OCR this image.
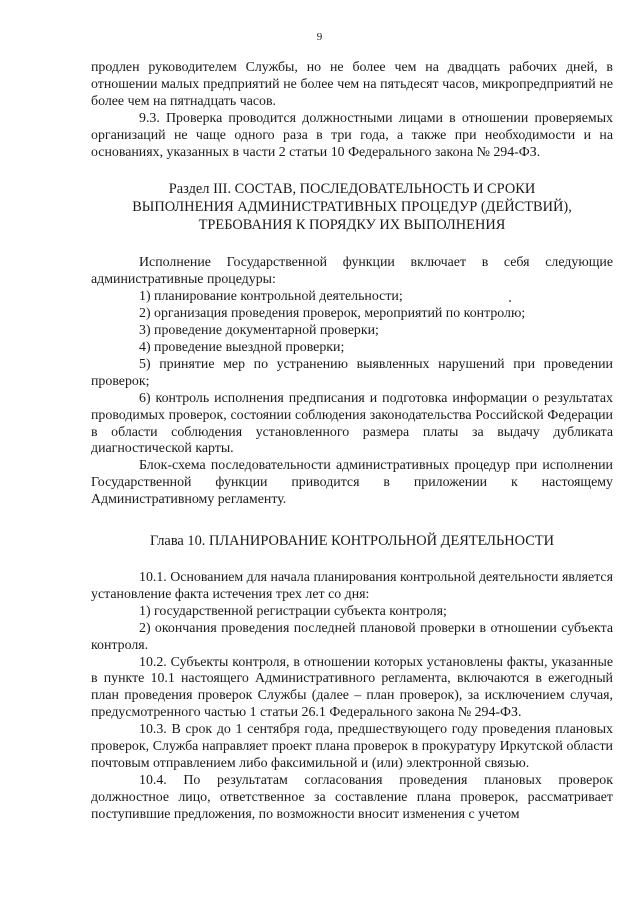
9

продлен руководителем Службы, но не более чем на двадцать рабочих дней, в отношении малых предприятий не более чем на пятьдесят часов, микропредприятий не более чем на пятнадцать часов.

9.3. Проверка проводится должностными лицами в отношении проверяемых организаций не чаще одного раза в три года, а также при необходимости и на основаниях, указанных в части 2 статьи 10 Федерального закона № 294-ФЗ.

Раздел III. СОСТАВ, ПОСЛЕДОВАТЕЛЬНОСТЬ И СРОКИ
ВЫПОЛНЕНИЯ АДМИНИСТРАТИВНЫХ ПРОЦЕДУР (ДЕЙСТВИЙ),
ТРЕБОВАНИЯ К ПОРЯДКУ ИХ ВЫПОЛНЕНИЯ

Исполнение Государственной функции включает в себя следующие административные процедуры:

1) планирование контрольной деятельности;

2) организация проведения проверок, мероприятий по контролю;

3) проведение документарной проверки;

4) проведение выездной проверки;

5) принятие мер по устранению выявленных нарушений при проведении проверок;

6) контроль исполнения предписания и подготовка информации о результатах проводимых проверок, состоянии соблюдения законодательства Российской Федерации в области соблюдения установленного размера платы за выдачу дубликата диагностической карты.

Блок-схема последовательности административных процедур при исполнении Государственной функции приводится в приложении к настоящему Административному регламенту.

Глава 10. ПЛАНИРОВАНИЕ КОНТРОЛЬНОЙ ДЕЯТЕЛЬНОСТИ

10.1. Основанием для начала планирования контрольной деятельности является установление факта истечения трех лет со дня:

1) государственной регистрации субъекта контроля;

2) окончания проведения последней плановой проверки в отношении субъекта контроля.

10.2. Субъекты контроля, в отношении которых установлены факты, указанные в пункте 10.1 настоящего Административного регламента, включаются в ежегодный план проведения проверок Службы (далее – план проверок), за исключением случая, предусмотренного частью 1 статьи 26.1 Федерального закона № 294-ФЗ.

10.3. В срок до 1 сентября года, предшествующего году проведения плановых проверок, Служба направляет проект плана проверок в прокуратуру Иркутской области почтовым отправлением либо факсимильной и (или) электронной связью.

10.4. По результатам согласования проведения плановых проверок должностное лицо, ответственное за составление плана проверок, рассматривает поступившие предложения, по возможности вносит изменения с учетом
